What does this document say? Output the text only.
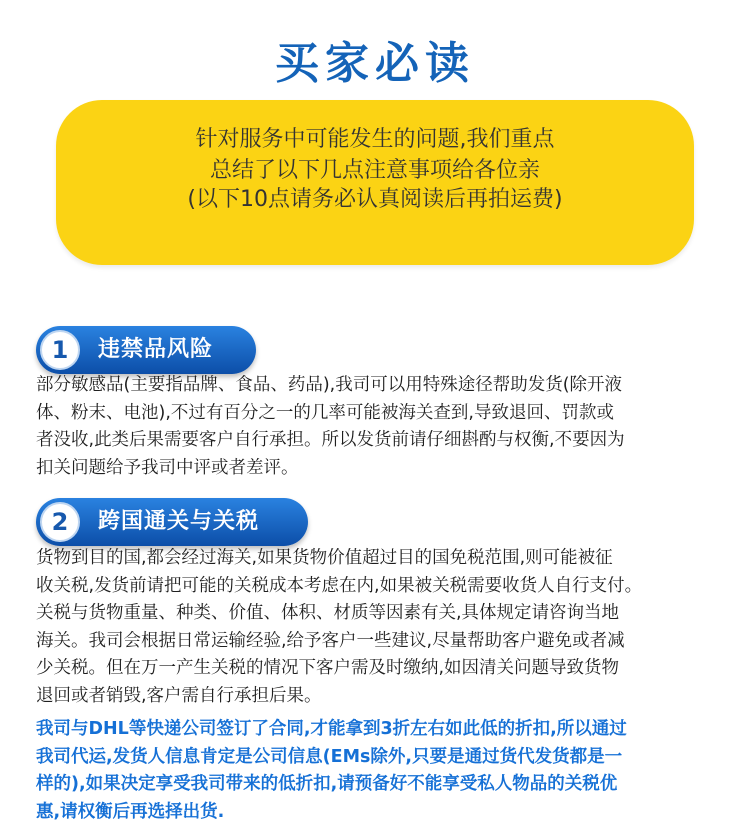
买家必读
针对服务中可能发生的问题,我们重点
总结了以下几点注意事项给各位亲
(以下10点请务必认真阅读后再拍运费)
1	违禁品风险
部分敏感品(主要指品牌、食品、药品),我司可以用特殊途径帮助发货(除开液
体、粉末、电池),不过有百分之一的几率可能被海关查到,导致退回、罚款或
者没收,此类后果需要客户自行承担。所以发货前请仔细斟酌与权衡,不要因为
扣关问题给予我司中评或者差评。
2	跨国通关与关税
货物到目的国,都会经过海关,如果货物价值超过目的国免税范围,则可能被征
收关税,发货前请把可能的关税成本考虑在内,如果被关税需要收货人自行支付。
关税与货物重量、种类、价值、体积、材质等因素有关,具体规定请咨询当地
海关。我司会根据日常运输经验,给予客户一些建议,尽量帮助客户避免或者减
少关税。但在万一产生关税的情况下客户需及时缴纳,如因清关问题导致货物
退回或者销毁,客户需自行承担后果。
我司与DHL等快递公司签订了合同,才能拿到3折左右如此低的折扣,所以通过
我司代运,发货人信息肯定是公司信息(EMs除外,只要是通过货代发货都是一
样的),如果决定享受我司带来的低折扣,请预备好不能享受私人物品的关税优
惠,请权衡后再选择出货.
